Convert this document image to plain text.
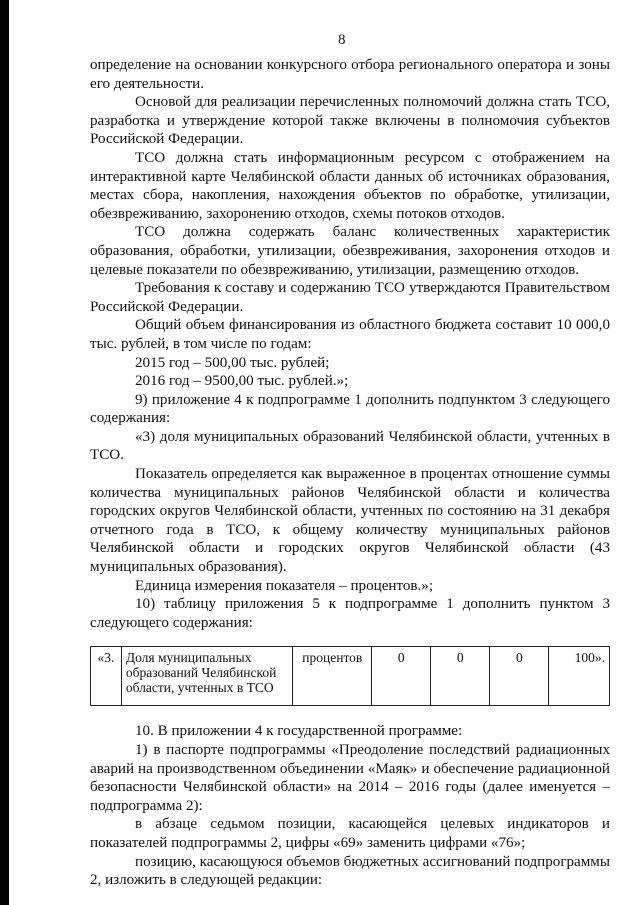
8

определение на основании конкурсного отбора регионального оператора и зоны его деятельности.

Основой для реализации перечисленных полномочий должна стать ТСО, разработка и утверждение которой также включены в полномочия субъектов Российской Федерации.

ТСО должна стать информационным ресурсом с отображением на интерактивной карте Челябинской области данных об источниках образования, местах сбора, накопления, нахождения объектов по обработке, утилизации, обезвреживанию, захоронению отходов, схемы потоков отходов.

ТСО должна содержать баланс количественных характеристик образования, обработки, утилизации, обезвреживания, захоронения отходов и целевые показатели по обезвреживанию, утилизации, размещению отходов.

Требования к составу и содержанию ТСО утверждаются Правительством Российской Федерации.

Общий объем финансирования из областного бюджета составит 10 000,0 тыс. рублей, в том числе по годам:

2015 год – 500,00 тыс. рублей;

2016 год – 9500,00 тыс. рублей.»;

9) приложение 4 к подпрограмме 1 дополнить подпунктом 3 следующего содержания:

«3) доля муниципальных образований Челябинской области, учтенных в ТСО.

Показатель определяется как выраженное в процентах отношение суммы количества муниципальных районов Челябинской области и количества городских округов Челябинской области, учтенных по состоянию на 31 декабря отчетного года в ТСО, к общему количеству муниципальных районов Челябинской области и городских округов Челябинской области (43 муниципальных образования).

Единица измерения показателя – процентов.»;

10) таблицу приложения 5 к подпрограмме 1 дополнить пунктом 3 следующего содержания:

«3.	Доля муниципальных образований Челябинской области, учтенных в ТСО	процентов	0	0	0	100».

10. В приложении 4 к государственной программе:

1) в паспорте подпрограммы «Преодоление последствий радиационных аварий на производственном объединении «Маяк» и обеспечение радиационной безопасности Челябинской области» на 2014 – 2016 годы (далее именуется – подпрограмма 2):

в абзаце седьмом позиции, касающейся целевых индикаторов и показателей подпрограммы 2, цифры «69» заменить цифрами «76»;

позицию, касающуюся объемов бюджетных ассигнований подпрограммы 2, изложить в следующей редакции:
